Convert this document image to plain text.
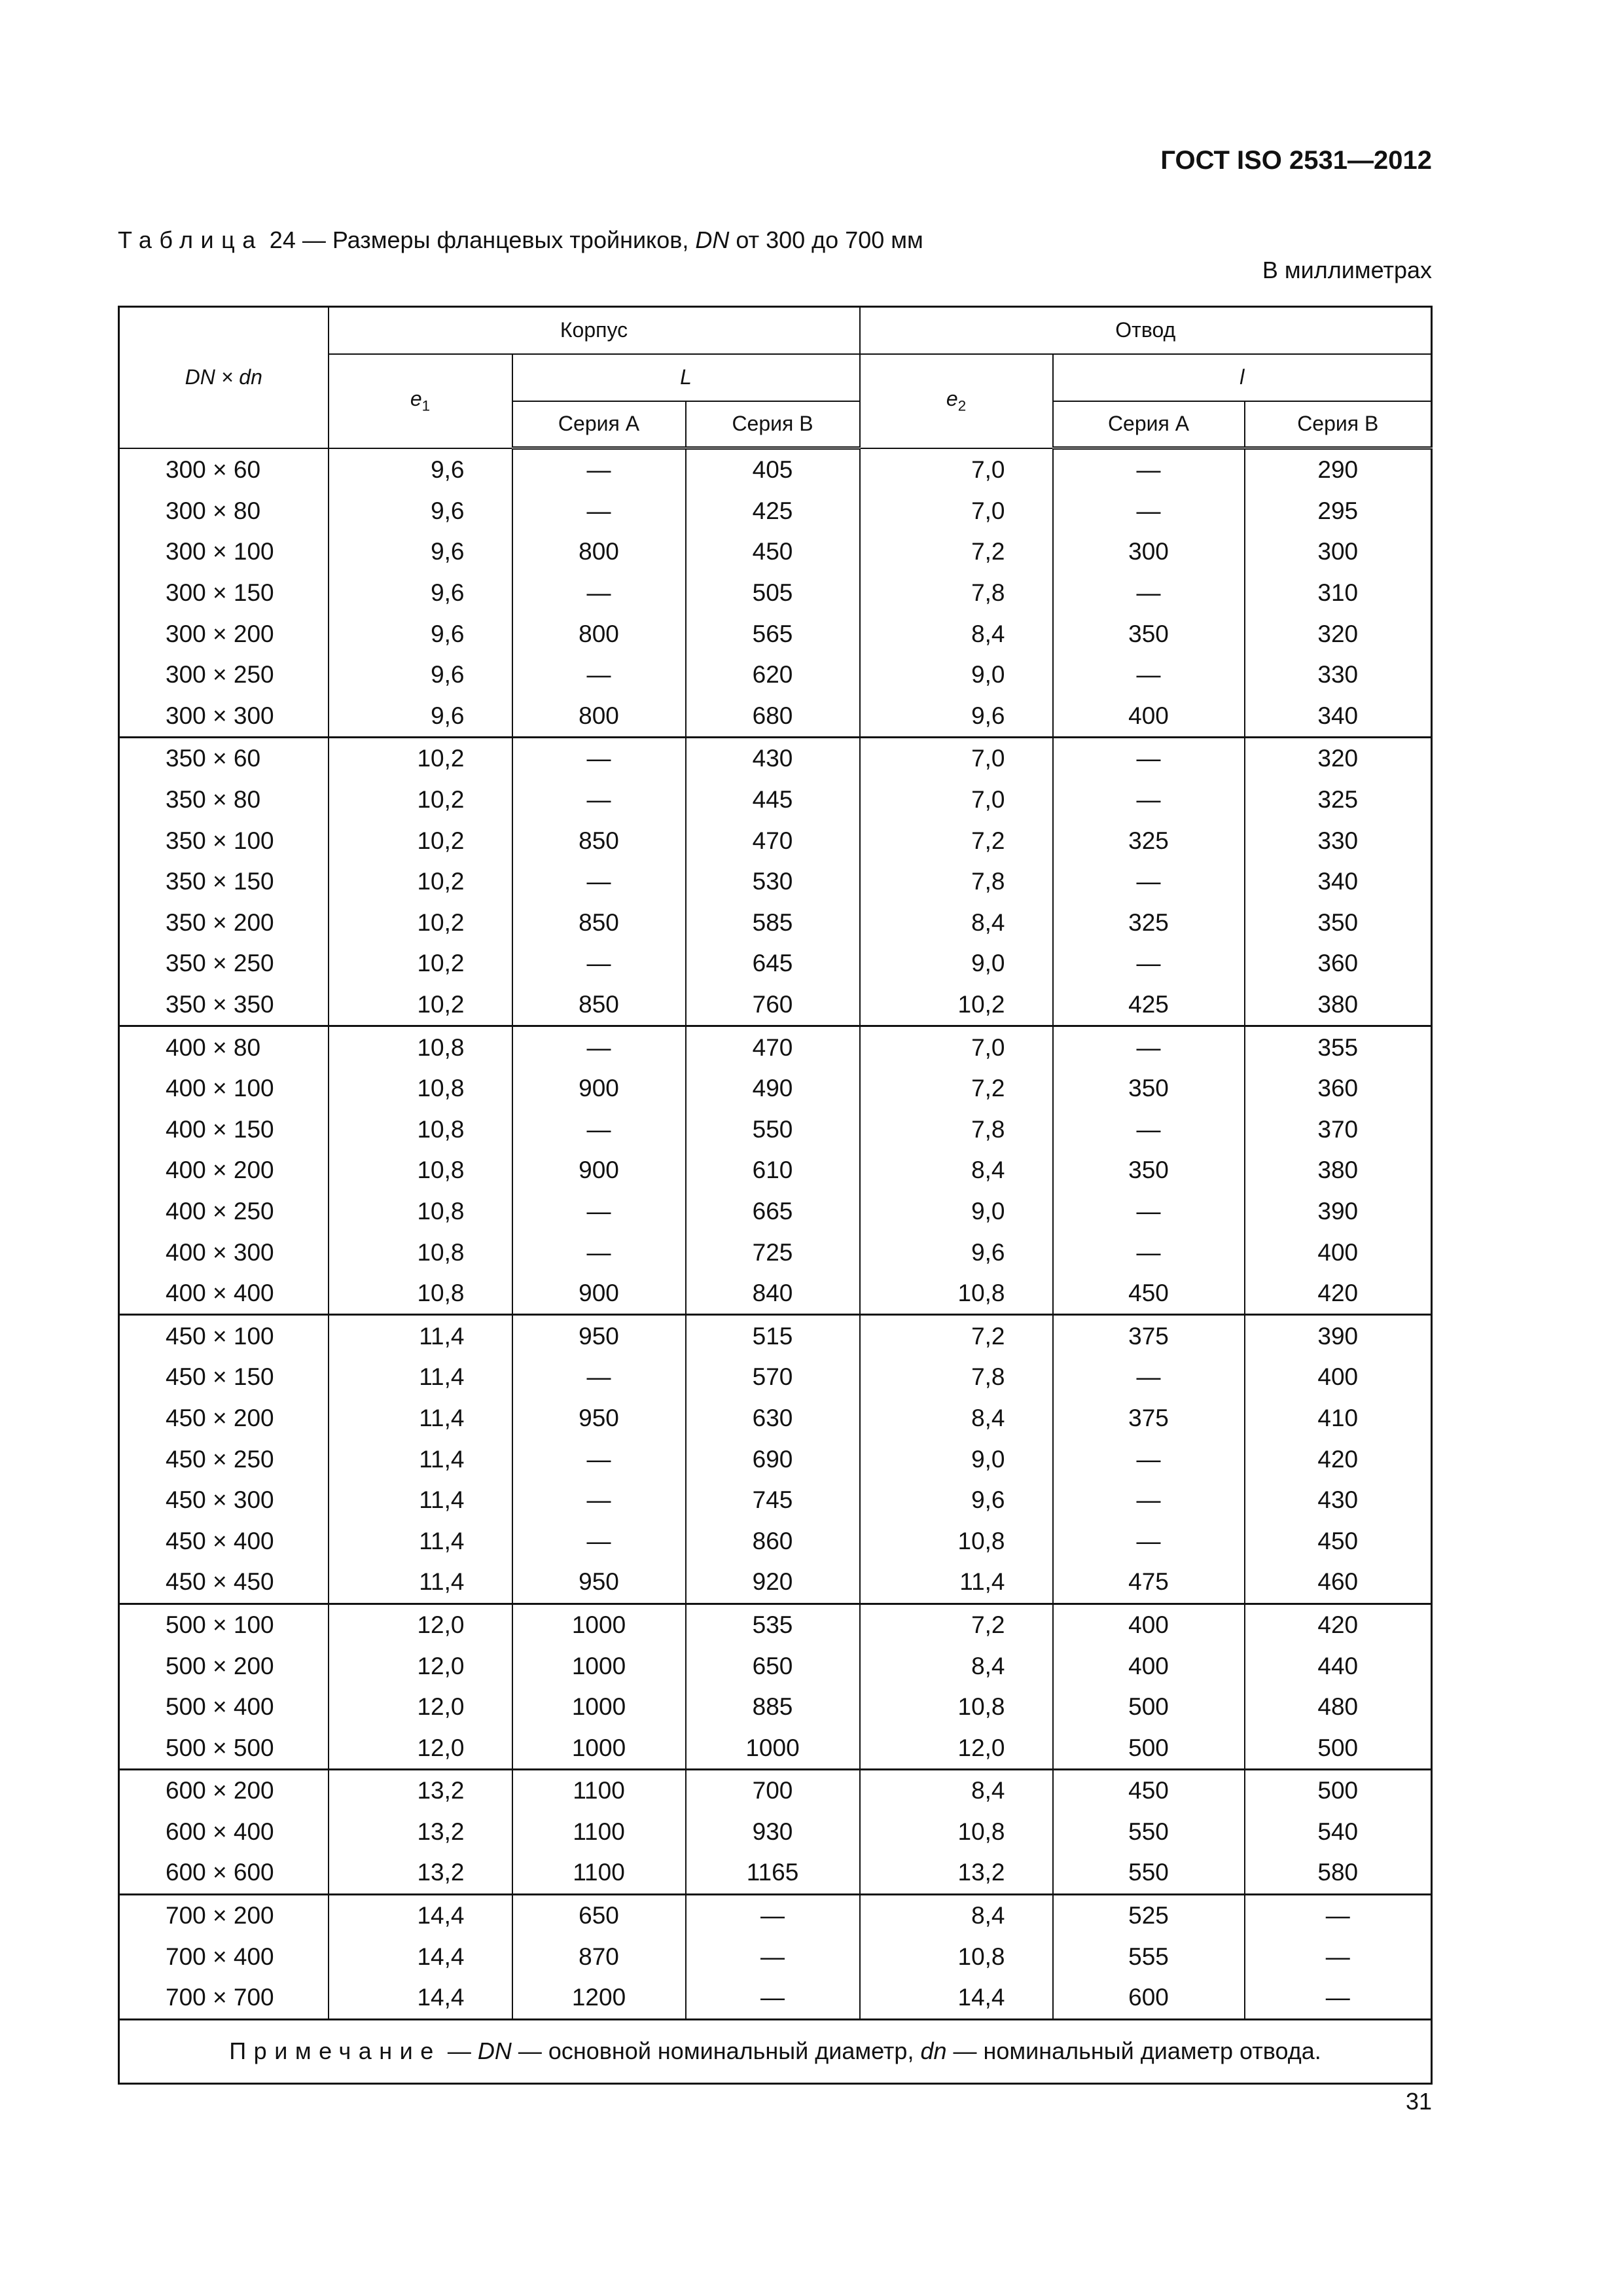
ГОСТ ISO 2531—2012
Таблица 24 — Размеры фланцевых тройников, DN от 300 до 700 мм
В миллиметрах
DN × dn	Корпус			Отвод		
	$e_1$	L		$e_2$	l	
		Серия А	Серия В		Серия А	Серия В
300 × 60	9,6	—	405	7,0	—	290
300 × 80	9,6	—	425	7,0	—	295
300 × 100	9,6	800	450	7,2	300	300
300 × 150	9,6	—	505	7,8	—	310
300 × 200	9,6	800	565	8,4	350	320
300 × 250	9,6	—	620	9,0	—	330
300 × 300	9,6	800	680	9,6	400	340
350 × 60	10,2	—	430	7,0	—	320
350 × 80	10,2	—	445	7,0	—	325
350 × 100	10,2	850	470	7,2	325	330
350 × 150	10,2	—	530	7,8	—	340
350 × 200	10,2	850	585	8,4	325	350
350 × 250	10,2	—	645	9,0	—	360
350 × 350	10,2	850	760	10,2	425	380
400 × 80	10,8	—	470	7,0	—	355
400 × 100	10,8	900	490	7,2	350	360
400 × 150	10,8	—	550	7,8	—	370
400 × 200	10,8	900	610	8,4	350	380
400 × 250	10,8	—	665	9,0	—	390
400 × 300	10,8	—	725	9,6	—	400
400 × 400	10,8	900	840	10,8	450	420
450 × 100	11,4	950	515	7,2	375	390
450 × 150	11,4	—	570	7,8	—	400
450 × 200	11,4	950	630	8,4	375	410
450 × 250	11,4	—	690	9,0	—	420
450 × 300	11,4	—	745	9,6	—	430
450 × 400	11,4	—	860	10,8	—	450
450 × 450	11,4	950	920	11,4	475	460
500 × 100	12,0	1000	535	7,2	400	420
500 × 200	12,0	1000	650	8,4	400	440
500 × 400	12,0	1000	885	10,8	500	480
500 × 500	12,0	1000	1000	12,0	500	500
600 × 200	13,2	1100	700	8,4	450	500
600 × 400	13,2	1100	930	10,8	550	540
600 × 600	13,2	1100	1165	13,2	550	580
700 × 200	14,4	650	—	8,4	525	—
700 × 400	14,4	870	—	10,8	555	—
700 × 700	14,4	1200	—	14,4	600	—
Примечание — DN — основной номинальный диаметр, dn — номинальный диаметр отвода.						
31
